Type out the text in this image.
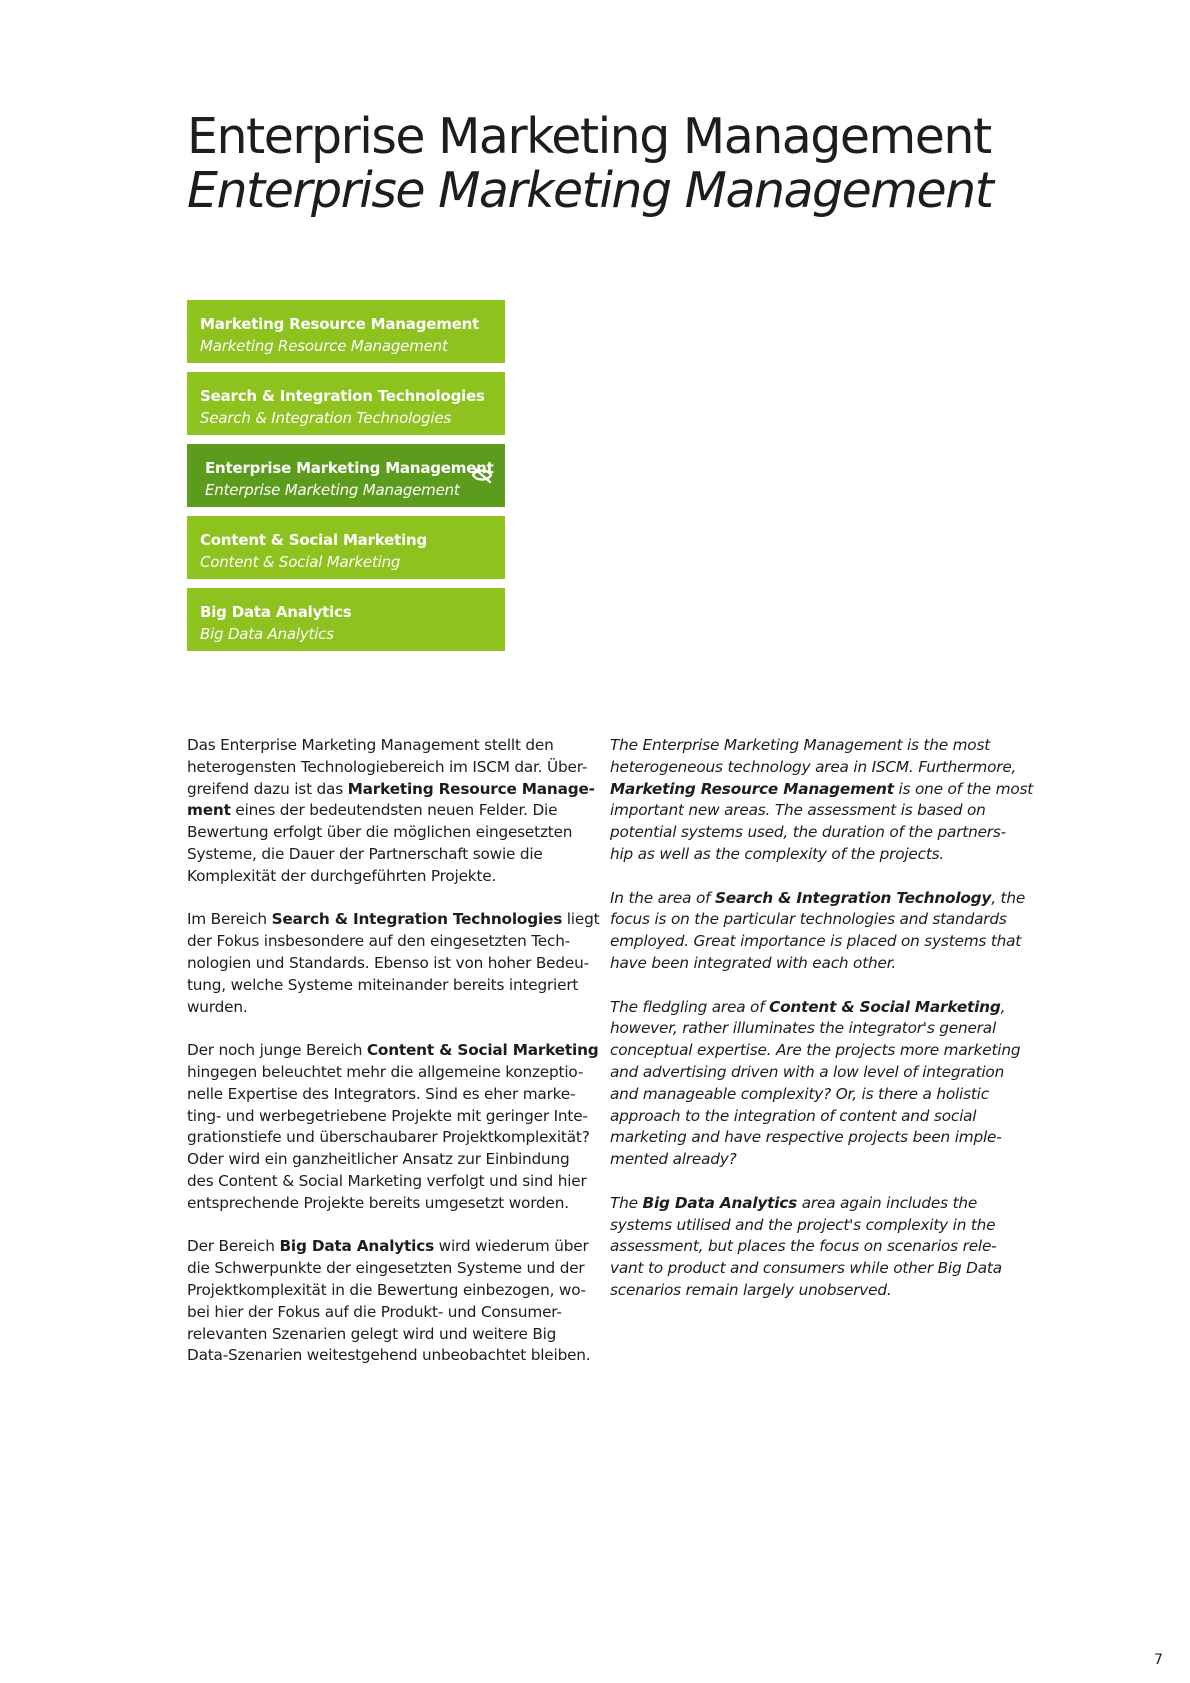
Enterprise Marketing Management
Enterprise Marketing Management
Marketing Resource Management
Marketing Resource Management
Search & Integration Technologies
Search & Integration Technologies
Enterprise Marketing Management
Enterprise Marketing Management
Content & Social Marketing
Content & Social Marketing
Big Data Analytics
Big Data Analytics

Das Enterprise Marketing Management stellt den
heterogensten Technologiebereich im ISCM dar. Über-
greifend dazu ist das Marketing Resource Manage-
ment eines der bedeutendsten neuen Felder. Die
Bewertung erfolgt über die möglichen eingesetzten
Systeme, die Dauer der Partnerschaft sowie die
Komplexität der durchgeführten Projekte.

Im Bereich Search & Integration Technologies liegt
der Fokus insbesondere auf den eingesetzten Tech-
nologien und Standards. Ebenso ist von hoher Bedeu-
tung, welche Systeme miteinander bereits integriert
wurden.

Der noch junge Bereich Content & Social Marketing
hingegen beleuchtet mehr die allgemeine konzeptio-
nelle Expertise des Integrators. Sind es eher marke-
ting- und werbegetriebene Projekte mit geringer Inte-
grationstiefe und überschaubarer Projektkomplexität?
Oder wird ein ganzheitlicher Ansatz zur Einbindung
des Content & Social Marketing verfolgt und sind hier
entsprechende Projekte bereits umgesetzt worden.

Der Bereich Big Data Analytics wird wiederum über
die Schwerpunkte der eingesetzten Systeme und der
Projektkomplexität in die Bewertung einbezogen, wo-
bei hier der Fokus auf die Produkt- und Consumer-
relevanten Szenarien gelegt wird und weitere Big
Data-Szenarien weitestgehend unbeobachtet bleiben.

The Enterprise Marketing Management is the most
heterogeneous technology area in ISCM. Furthermore,
Marketing Resource Management is one of the most
important new areas. The assessment is based on
potential systems used, the duration of the partners-
hip as well as the complexity of the projects.

In the area of Search & Integration Technology, the
focus is on the particular technologies and standards
employed. Great importance is placed on systems that
have been integrated with each other.

The fledgling area of Content & Social Marketing,
however, rather illuminates the integrator's general
conceptual expertise. Are the projects more marketing
and advertising driven with a low level of integration
and manageable complexity? Or, is there a holistic
approach to the integration of content and social
marketing and have respective projects been imple-
mented already?

The Big Data Analytics area again includes the
systems utilised and the project's complexity in the
assessment, but places the focus on scenarios rele-
vant to product and consumers while other Big Data
scenarios remain largely unobserved.

7
